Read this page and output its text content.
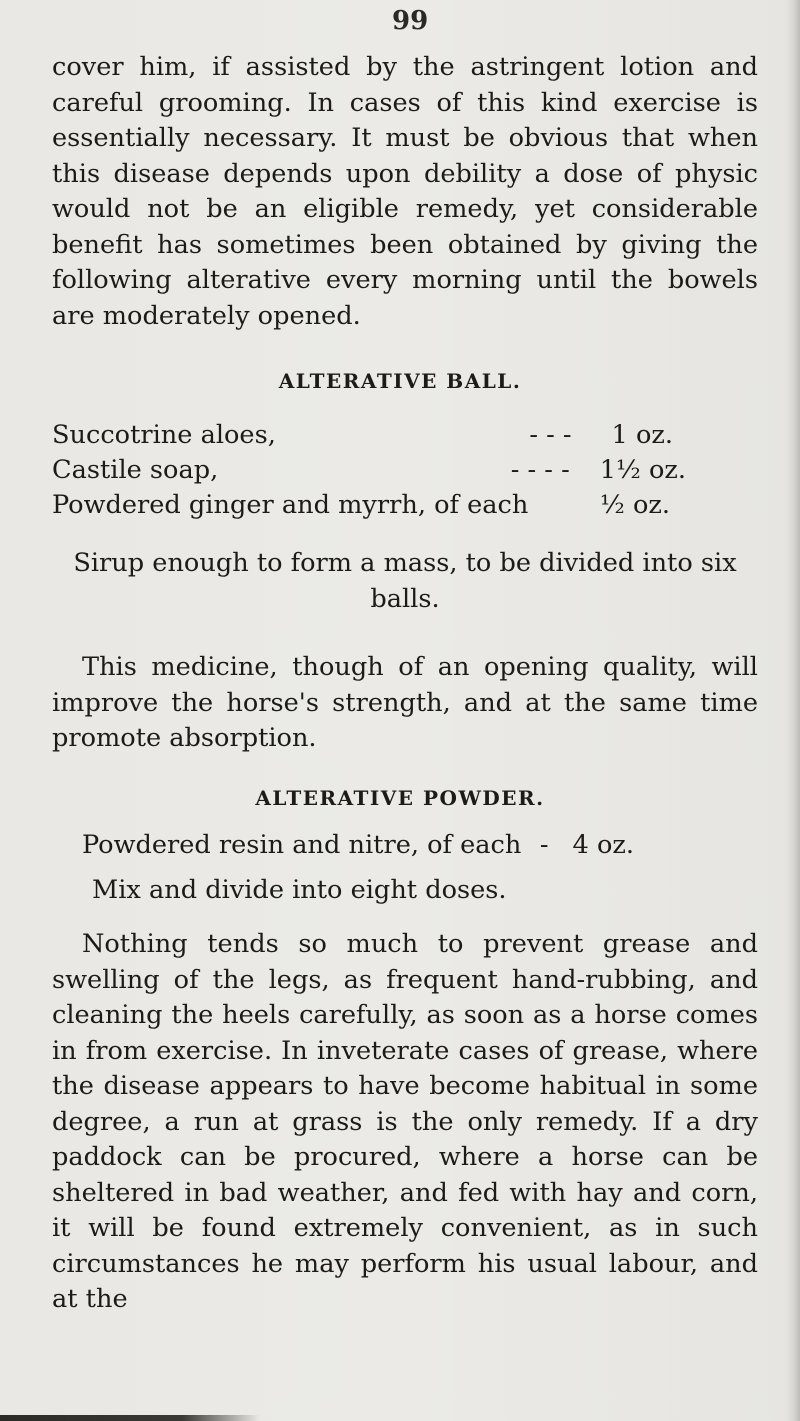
99

cover him, if assisted by the astringent lotion and careful grooming. In cases of this kind exercise is essentially necessary. It must be obvious that when this disease depends upon debility a dose of physic would not be an eligible remedy, yet considerable benefit has sometimes been obtained by giving the following alterative every morning until the bowels are moderately opened.

ALTERATIVE BALL.
Succotrine aloes,	- - -	1 oz.
Castile soap,	- - - -	1½ oz.
Powdered ginger and myrrh, of each	½ oz.

Sirup enough to form a mass, to be divided into six balls.

This medicine, though of an opening quality, will improve the horse's strength, and at the same time promote absorption.

ALTERATIVE POWDER.
Powdered resin and nitre, of each - 4 oz.

Mix and divide into eight doses.

Nothing tends so much to prevent grease and swelling of the legs, as frequent hand-rubbing, and cleaning the heels carefully, as soon as a horse comes in from exercise. In inveterate cases of grease, where the disease appears to have become habitual in some degree, a run at grass is the only remedy. If a dry paddock can be procured, where a horse can be sheltered in bad weather, and fed with hay and corn, it will be found extremely convenient, as in such circumstances he may perform his usual labour, and at the
